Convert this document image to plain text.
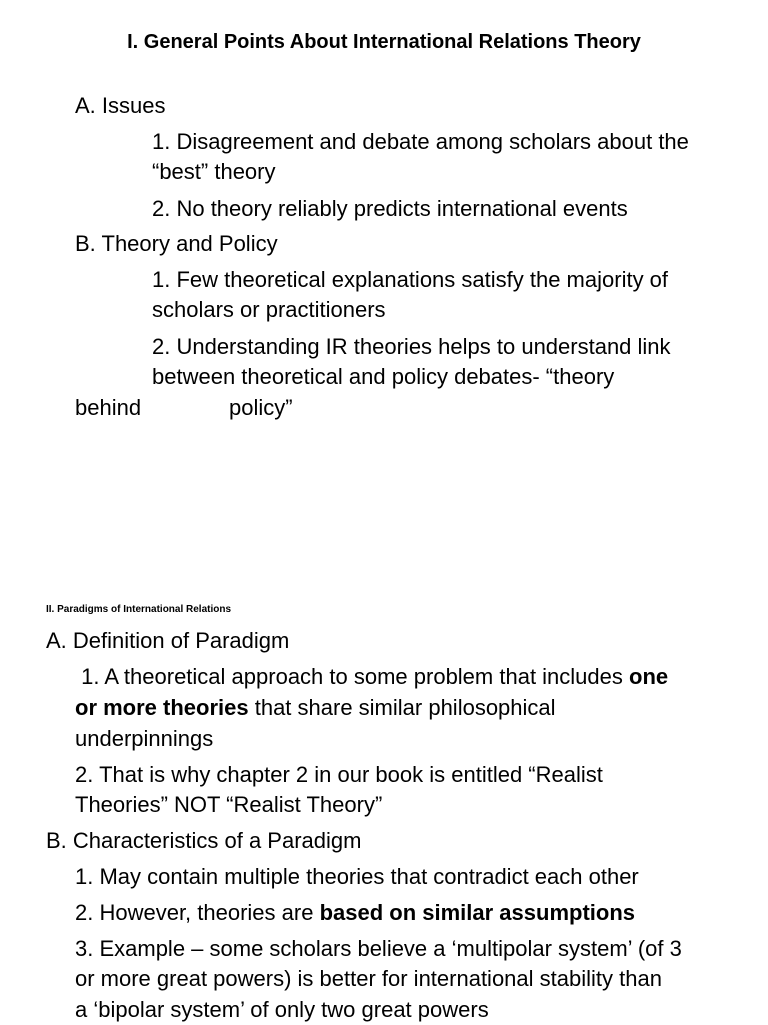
I. General Points About International Relations Theory
A. Issues
1. Disagreement and debate among scholars about the
“best” theory
2. No theory reliably predicts international events
B. Theory and Policy
1. Few theoretical explanations satisfy the majority of
scholars or practitioners
2. Understanding IR theories helps to understand link
between theoretical and policy debates- “theory
behind	policy”
II. Paradigms of International Relations
A. Definition of Paradigm
1. A theoretical approach to some problem that includes one
or more theories that share similar philosophical
underpinnings
2. That is why chapter 2 in our book is entitled “Realist
Theories” NOT “Realist Theory”
B. Characteristics of a Paradigm
1. May contain multiple theories that contradict each other
2. However, theories are based on similar assumptions
3. Example – some scholars believe a ‘multipolar system’ (of 3
or more great powers) is better for international stability than
a ‘bipolar system’ of only two great powers
